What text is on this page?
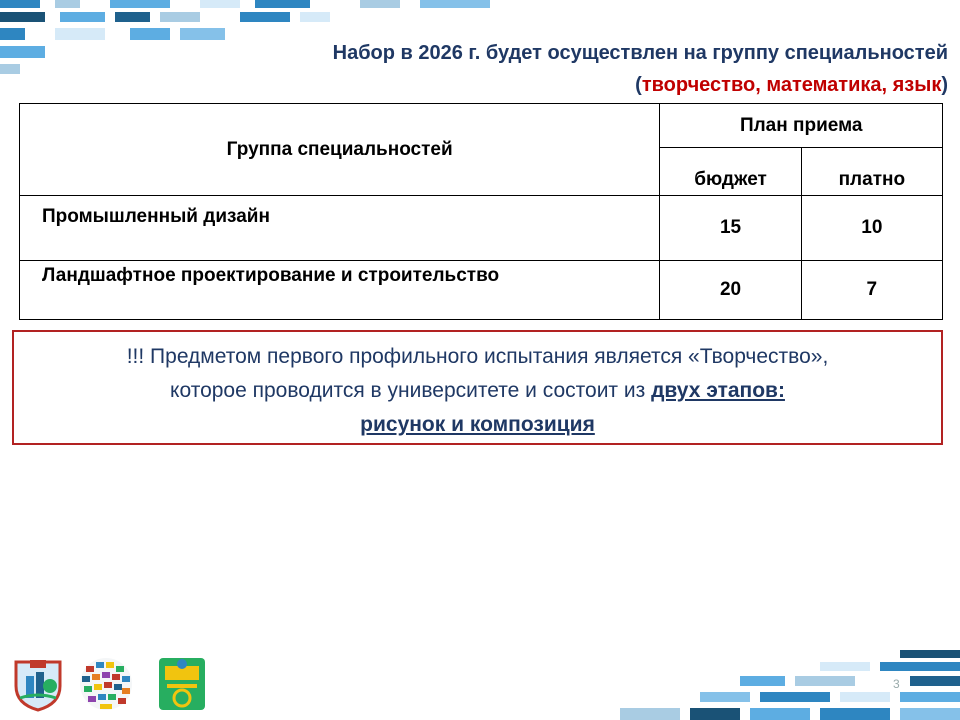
Набор в 2026 г. будет осуществлен на группу специальностей
(творчество, математика, язык)
Группа специальностей	План приема	
	бюджет	платно
Промышленный дизайн	15	10
Ландшафтное проектирование и строительство	20	7
!!! Предметом первого профильного испытания является «Творчество»,
которое проводится в университете и состоит из двух этапов:
рисунок и композиция
3
